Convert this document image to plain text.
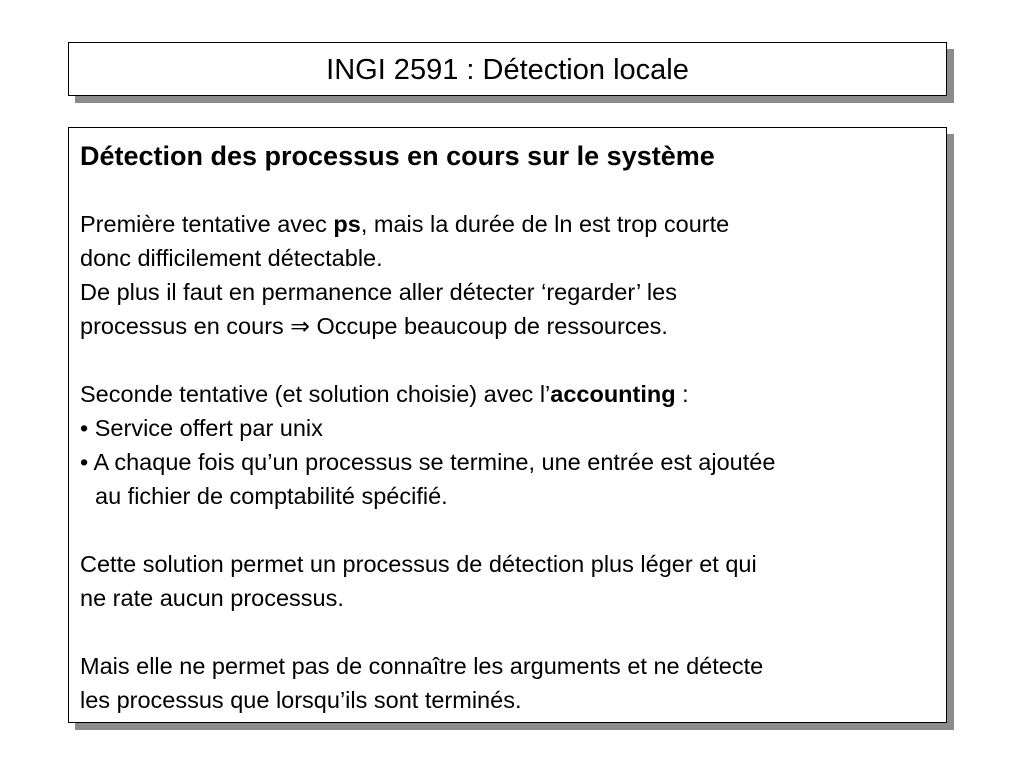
INGI 2591 : Détection locale

Détection des processus en cours sur le système

Première tentative avec ps, mais la durée de ln est trop courte

donc difficilement détectable.

De plus il faut en permanence aller détecter ‘regarder’ les

processus en cours ⇒ Occupe beaucoup de ressources.

Seconde tentative (et solution choisie) avec l’accounting :

• Service offert par unix

• A chaque fois qu’un processus se termine, une entrée est ajoutée

au fichier de comptabilité spécifié.

Cette solution permet un processus de détection plus léger et qui

ne rate aucun processus.

Mais elle ne permet pas de connaître les arguments et ne détecte

les processus que lorsqu’ils sont terminés.
